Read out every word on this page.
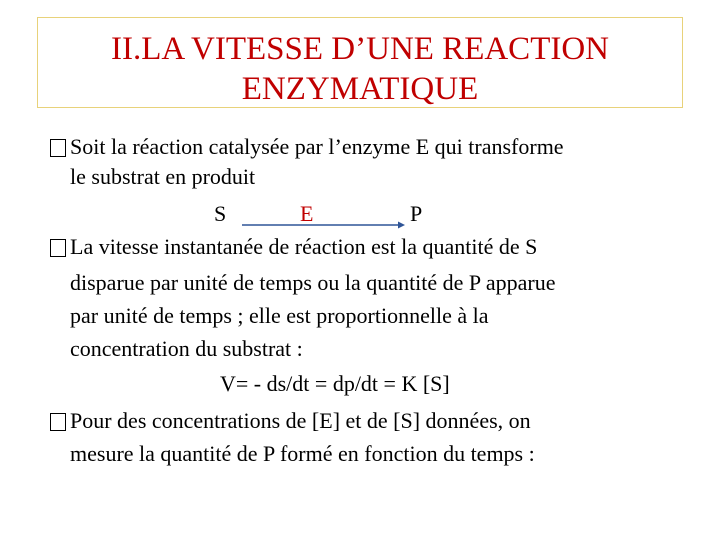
II.LA VITESSE D’UNE REACTION
ENZYMATIQUE
Soit la réaction catalysée par l’enzyme E qui transforme
le substrat en produit
S	E	P
La vitesse instantanée de réaction est la quantité de S
disparue par unité de temps ou la quantité de P apparue
par unité de temps ; elle est proportionnelle à la
concentration du substrat :
V= - ds/dt = dp/dt = K [S]
Pour des concentrations de [E] et de [S] données, on
mesure la quantité de P formé en fonction du temps :
